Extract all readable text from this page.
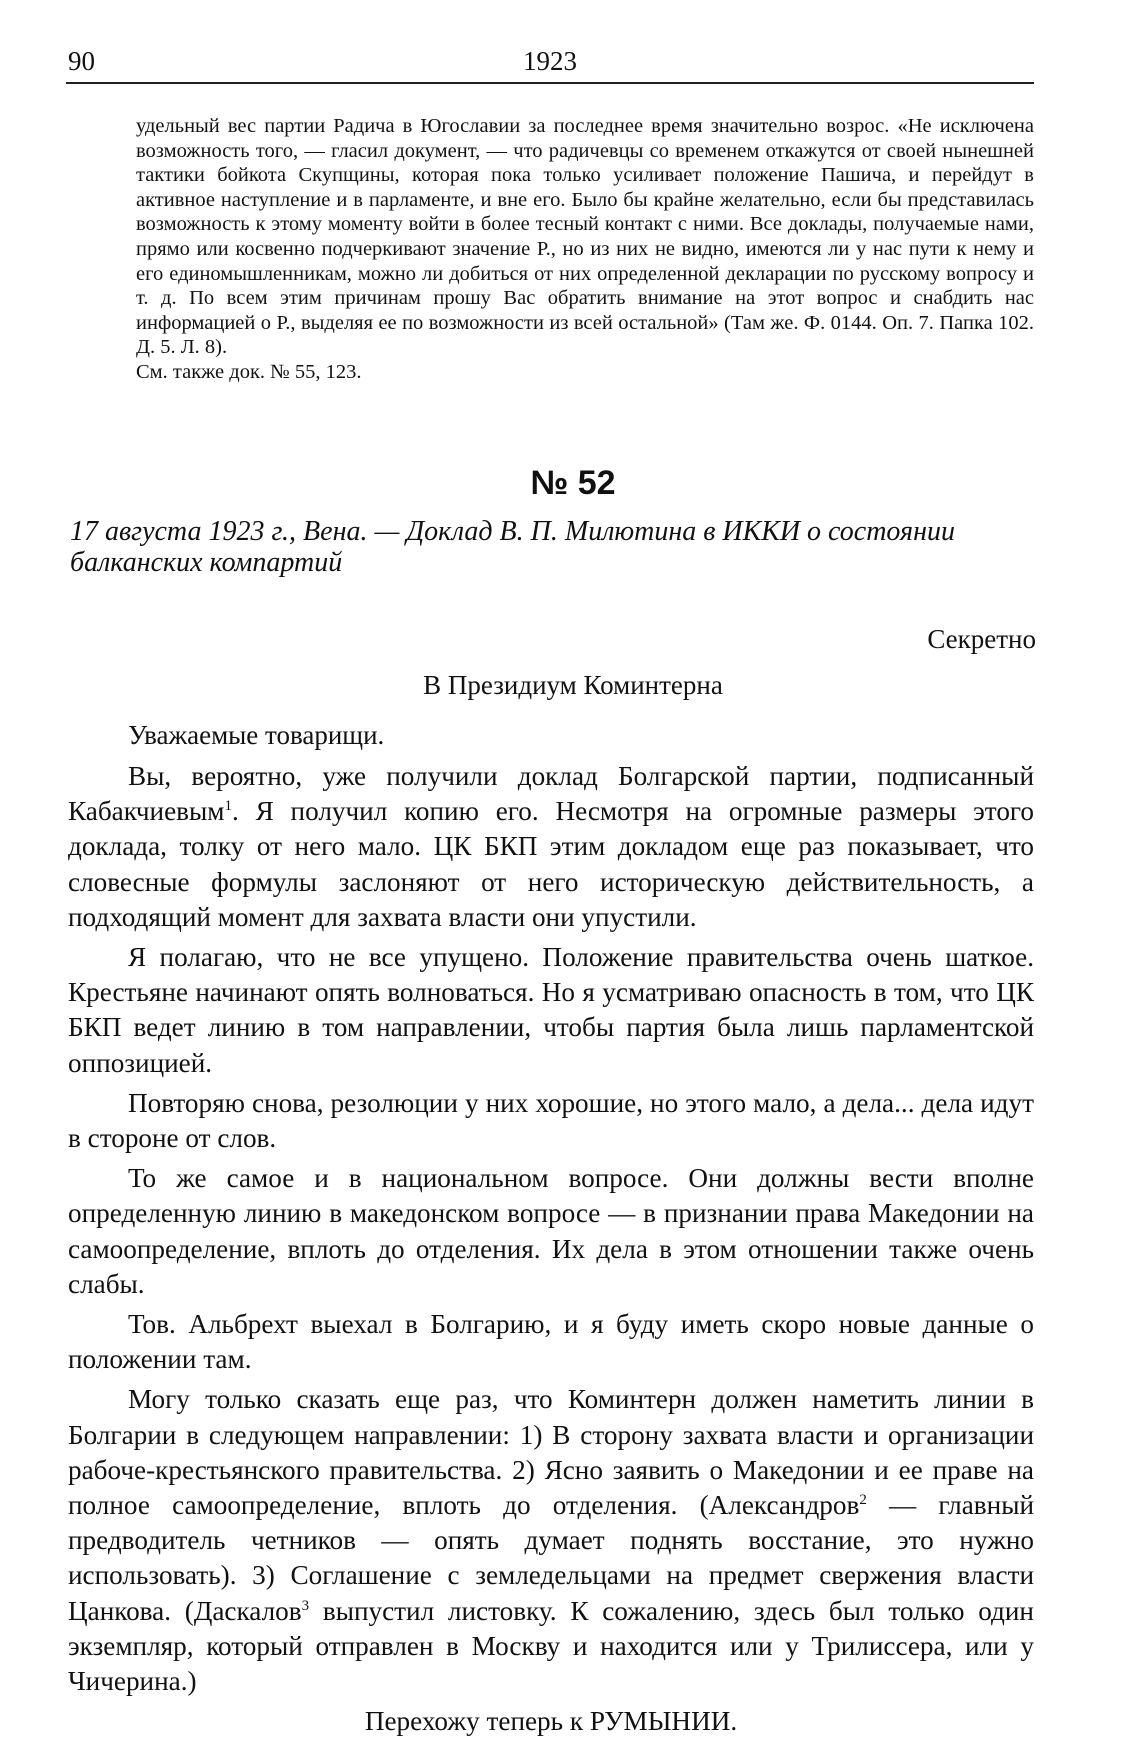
90	1923

удельный вес партии Радича в Югославии за последнее время значительно возрос. «Не исключена возможность того, — гласил документ, — что радичевцы со временем откажутся от своей нынешней тактики бойкота Скупщины, которая пока только усиливает положение Пашича, и перейдут в активное наступление и в парламенте, и вне его. Было бы крайне желательно, если бы представилась возможность к этому моменту войти в более тесный контакт с ними. Все доклады, получаемые нами, прямо или косвенно подчеркивают значение Р., но из них не видно, имеются ли у нас пути к нему и его единомышленникам, можно ли добиться от них определенной декларации по русскому вопросу и т. д. По всем этим причинам прошу Вас обратить внимание на этот вопрос и снабдить нас информацией о Р., выделяя ее по возможности из всей остальной» (Там же. Ф. 0144. Оп. 7. Папка 102. Д. 5. Л. 8).

См. также док. № 55, 123.

№ 52
17 августа 1923 г., Вена. — Доклад В. П. Милютина в ИККИ о состоянии балканских компартий
Секретно
В Президиум Коминтерна
Уважаемые товарищи.

Вы, вероятно, уже получили доклад Болгарской партии, подписанный Кабакчиевым$^1$. Я получил копию его. Несмотря на огромные размеры этого доклада, толку от него мало. ЦК БКП этим докладом еще раз показывает, что словесные формулы заслоняют от него историческую действительность, а подходящий момент для захвата власти они упустили.

Я полагаю, что не все упущено. Положение правительства очень шаткое. Крестьяне начинают опять волноваться. Но я усматриваю опасность в том, что ЦК БКП ведет линию в том направлении, чтобы партия была лишь парламентской оппозицией.

Повторяю снова, резолюции у них хорошие, но этого мало, а дела... дела идут в стороне от слов.

То же самое и в национальном вопросе. Они должны вести вполне определенную линию в македонском вопросе — в признании права Македонии на самоопределение, вплоть до отделения. Их дела в этом отношении также очень слабы.

Тов. Альбрехт выехал в Болгарию, и я буду иметь скоро новые данные о положении там.

Могу только сказать еще раз, что Коминтерн должен наметить линии в Болгарии в следующем направлении: 1) В сторону захвата власти и организации рабоче-крестьянского правительства. 2) Ясно заявить о Македонии и ее праве на полное самоопределение, вплоть до отделения. (Александров$^2$ — главный предводитель четников — опять думает поднять восстание, это нужно использовать). 3) Соглашение с земледельцами на предмет свержения власти Цанкова. (Даскалов$^3$ выпустил листовку. К сожалению, здесь был только один экземпляр, который отправлен в Москву и находится или у Трилиссера, или у Чичерина.)

Перехожу теперь к РУМЫНИИ.
